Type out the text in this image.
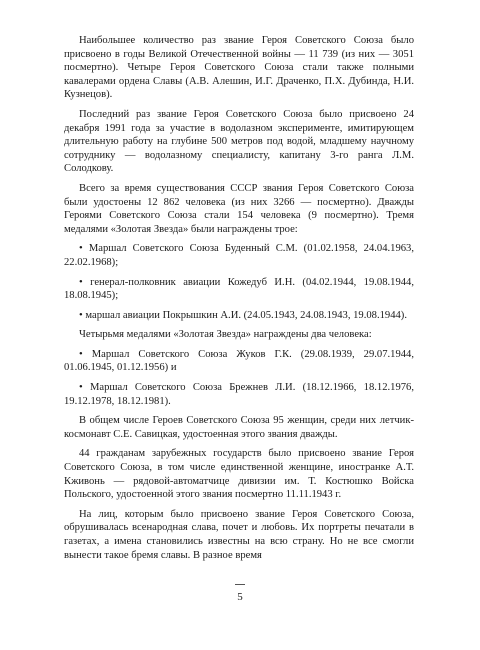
Наибольшее количество раз звание Героя Советского Союза было присвоено в годы Великой Отечественной войны — 11 739 (из них — 3051 посмертно). Четыре Героя Советского Союза стали также полными кавалерами ордена Славы (А.В. Алешин, И.Г. Драченко, П.Х. Дубинда, Н.И. Кузнецов).

Последний раз звание Героя Советского Союза было присвоено 24 декабря 1991 года за участие в водолазном эксперименте, имитирующем длительную работу на глубине 500 метров под водой, младшему научному сотруднику — водолазному специалисту, капитану 3-го ранга Л.М. Солодкову.

Всего за время существования СССР звания Героя Советского Союза были удостоены 12 862 человека (из них 3266 — посмертно). Дважды Героями Советского Союза стали 154 человека (9 посмертно). Тремя медалями «Золотая Звезда» были награждены трое:

• Маршал Советского Союза Буденный С.М. (01.02.1958, 24.04.1963, 22.02.1968);

• генерал-полковник авиации Кожедуб И.Н. (04.02.1944, 19.08.1944, 18.08.1945);

• маршал авиации Покрышкин А.И. (24.05.1943, 24.08.1943, 19.08.1944).

Четырьмя медалями «Золотая Звезда» награждены два человека:

• Маршал Советского Союза Жуков Г.К. (29.08.1939, 29.07.1944, 01.06.1945, 01.12.1956) и

• Маршал Советского Союза Брежнев Л.И. (18.12.1966, 18.12.1976, 19.12.1978, 18.12.1981).

В общем числе Героев Советского Союза 95 женщин, среди них летчик-космонавт С.Е. Савицкая, удостоенная этого звания дважды.

44 гражданам зарубежных государств было присвоено звание Героя Советского Союза, в том числе единственной женщине, иностранке А.Т. Кживонь — рядовой-автоматчице дивизии им. Т. Костюшко Войска Польского, удостоенной этого звания посмертно 11.11.1943 г.

На лиц, которым было присвоено звание Героя Советского Союза, обрушивалась всенародная слава, почет и любовь. Их портреты печатали в газетах, а имена становились известны на всю страну. Но не все смогли вынести такое бремя славы. В разное время

5
